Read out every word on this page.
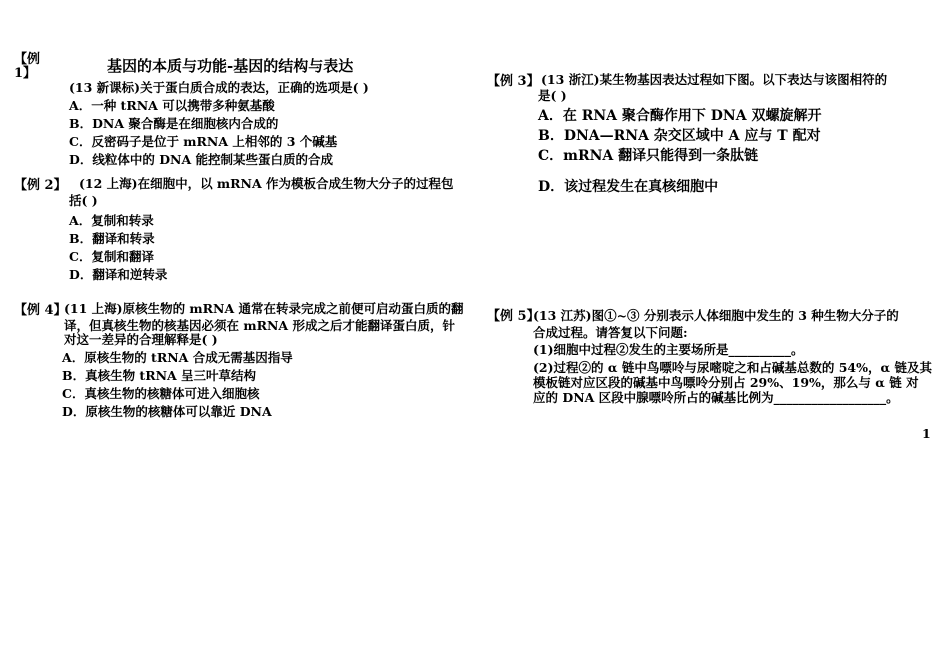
基因的本质与功能-基因的结构与表达
【例
1】
(13 新课标)关于蛋白质合成的表达，正确的选项是( )
A．一种 tRNA 可以携带多种氨基酸
B．DNA 聚合酶是在细胞核内合成的
C．反密码子是位于 mRNA 上相邻的 3 个碱基
D．线粒体中的 DNA 能控制某些蛋白质的合成
【例 2】 (12 上海)在细胞中，以 mRNA 作为模板合成生物大分子的过程包
括( )
A．复制和转录
B．翻译和转录
C．复制和翻译
D．翻译和逆转录
【例 4】
(11 上海)原核生物的 mRNA 通常在转录完成之前便可启动蛋白质的翻
译，但真核生物的核基因必须在 mRNA 形成之后才能翻译蛋白质，针
对这一差异的合理解释是( )
A．原核生物的 tRNA 合成无需基因指导
B．真核生物 tRNA 呈三叶草结构
C．真核生物的核糖体可进入细胞核
D．原核生物的核糖体可以靠近 DNA
【例 3】 (13 浙江)某生物基因表达过程如下图。以下表达与该图相符的
是( )
A．在 RNA 聚合酶作用下 DNA 双螺旋解开
B．DNA—RNA 杂交区域中 A 应与 T 配对
C．mRNA 翻译只能得到一条肽链
D．该过程发生在真核细胞中
【例 5】
(13 江苏)图①~③ 分别表示人体细胞中发生的 3 种生物大分子的
合成过程。请答复以下问题:
(1)细胞中过程②发生的主要场所是__________。
(2)过程②的 α 链中鸟嘌呤与尿嘧啶之和占碱基总数的 54%，α 链及其
模板链对应区段的碱基中鸟嘌呤分别占 29%、19%，那么与 α 链 对
应的 DNA 区段中腺嘌呤所占的碱基比例为__________________。
1
